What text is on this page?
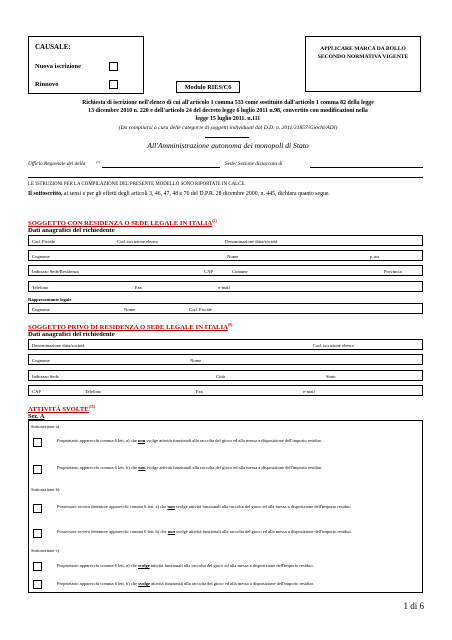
CAUSALE:
Nuova iscrizione
Rinnovo	Modulo RIES/C6
APPLICARE MARCA DA BOLLO SECONDO NORMATIVA VIGENTE
Richiesta di iscrizione nell'elenco di cui all'articolo 1 comma 533 come sostituito dall'articolo 1 comma 82 della legge
13 dicembre 2010 n. 220 e dell'articolo 24 del decreto legge 6 luglio 2011 n.98, convertito con modificazioni nella
legge 15 luglio 2011. n.111
(Da compilarsi a cura delle categorie di soggetti individuati dal D.D. n. 2011/31857/Giochi/ADI)
All'Amministrazione autonoma dei monopoli di Stato
Ufficio Regionale del della	(1)	Sede/ Sezione distaccata di
LE ISTRUZIONI PER LA COMPILAZIONE DEL PRESENTE MODELLO SONO RIPORTATE IN CALCE.
Il sottoscritto, ai sensi e per gli effetti degli articoli 3, 46, 47, 48 e 76 del D.P.R. 28 dicembre 2000, n. 445, dichiara quanto segue.
SOGGETTO CON RESIDENZA O SEDE LEGALE IN ITALIA$^{(2)}$
Dati anagrafici del richiedente
Cod. Fiscale	Cod. iscrizione elenco	Denominazione ditta/società
Cognome	Nome	p.iva
Indirizzo Sede/Residenza	CAP	Comune	Provincia
Telefono	Fax	e-mail
Rappresentante legale
Cognome	Nome	Cod. Fiscale
SOGGETTO PRIVO DI RESIDENZA O SEDE LEGALE IN ITALIA$^{(9)}$
Dati anagrafici del richiedente
Denominazione ditta/società	Cod. iscrizione elenco
Cognome	Nome
Indirizzo Sede	Città	Stato
CAP	Telefono	Fax	e-mail
ATTIVITÀ SVOLTE$^{(15)}$
Sez. A
Sottosezione a)
Proprietario apparecchi comma 6 lett. a) che non svolge attività funzionali alla raccolta del gioco ed alla messa a disposizione dell'importo residuo.
Proprietario apparecchi comma 6 lett. b) che non svolge attività funzionali alla raccolta del gioco ed alla messa a disposizione dell'importo residuo.
Sottosezione b)
Possessore ovvero detentore apparecchi comma 6 lett. a) che non svolge attività funzionali alla raccolta del gioco ed alla messa a disposizione dell'importo residuo.
Possessore ovvero detentore apparecchi comma 6 lett. b) che non svolge attività funzionali alla raccolta del gioco ed alla messa a disposizione dell'importo residuo.
Sottosezione c)
Proprietario apparecchi comma 6 lett. a) che svolge attività funzionali alla raccolta del gioco ed alla messa a disposizione dell'importo residuo.
Proprietario apparecchi comma 6 lett. b) che svolge attività funzionali alla raccolta del gioco ed alla messa a disposizione dell'importo residuo.
1 di 6
